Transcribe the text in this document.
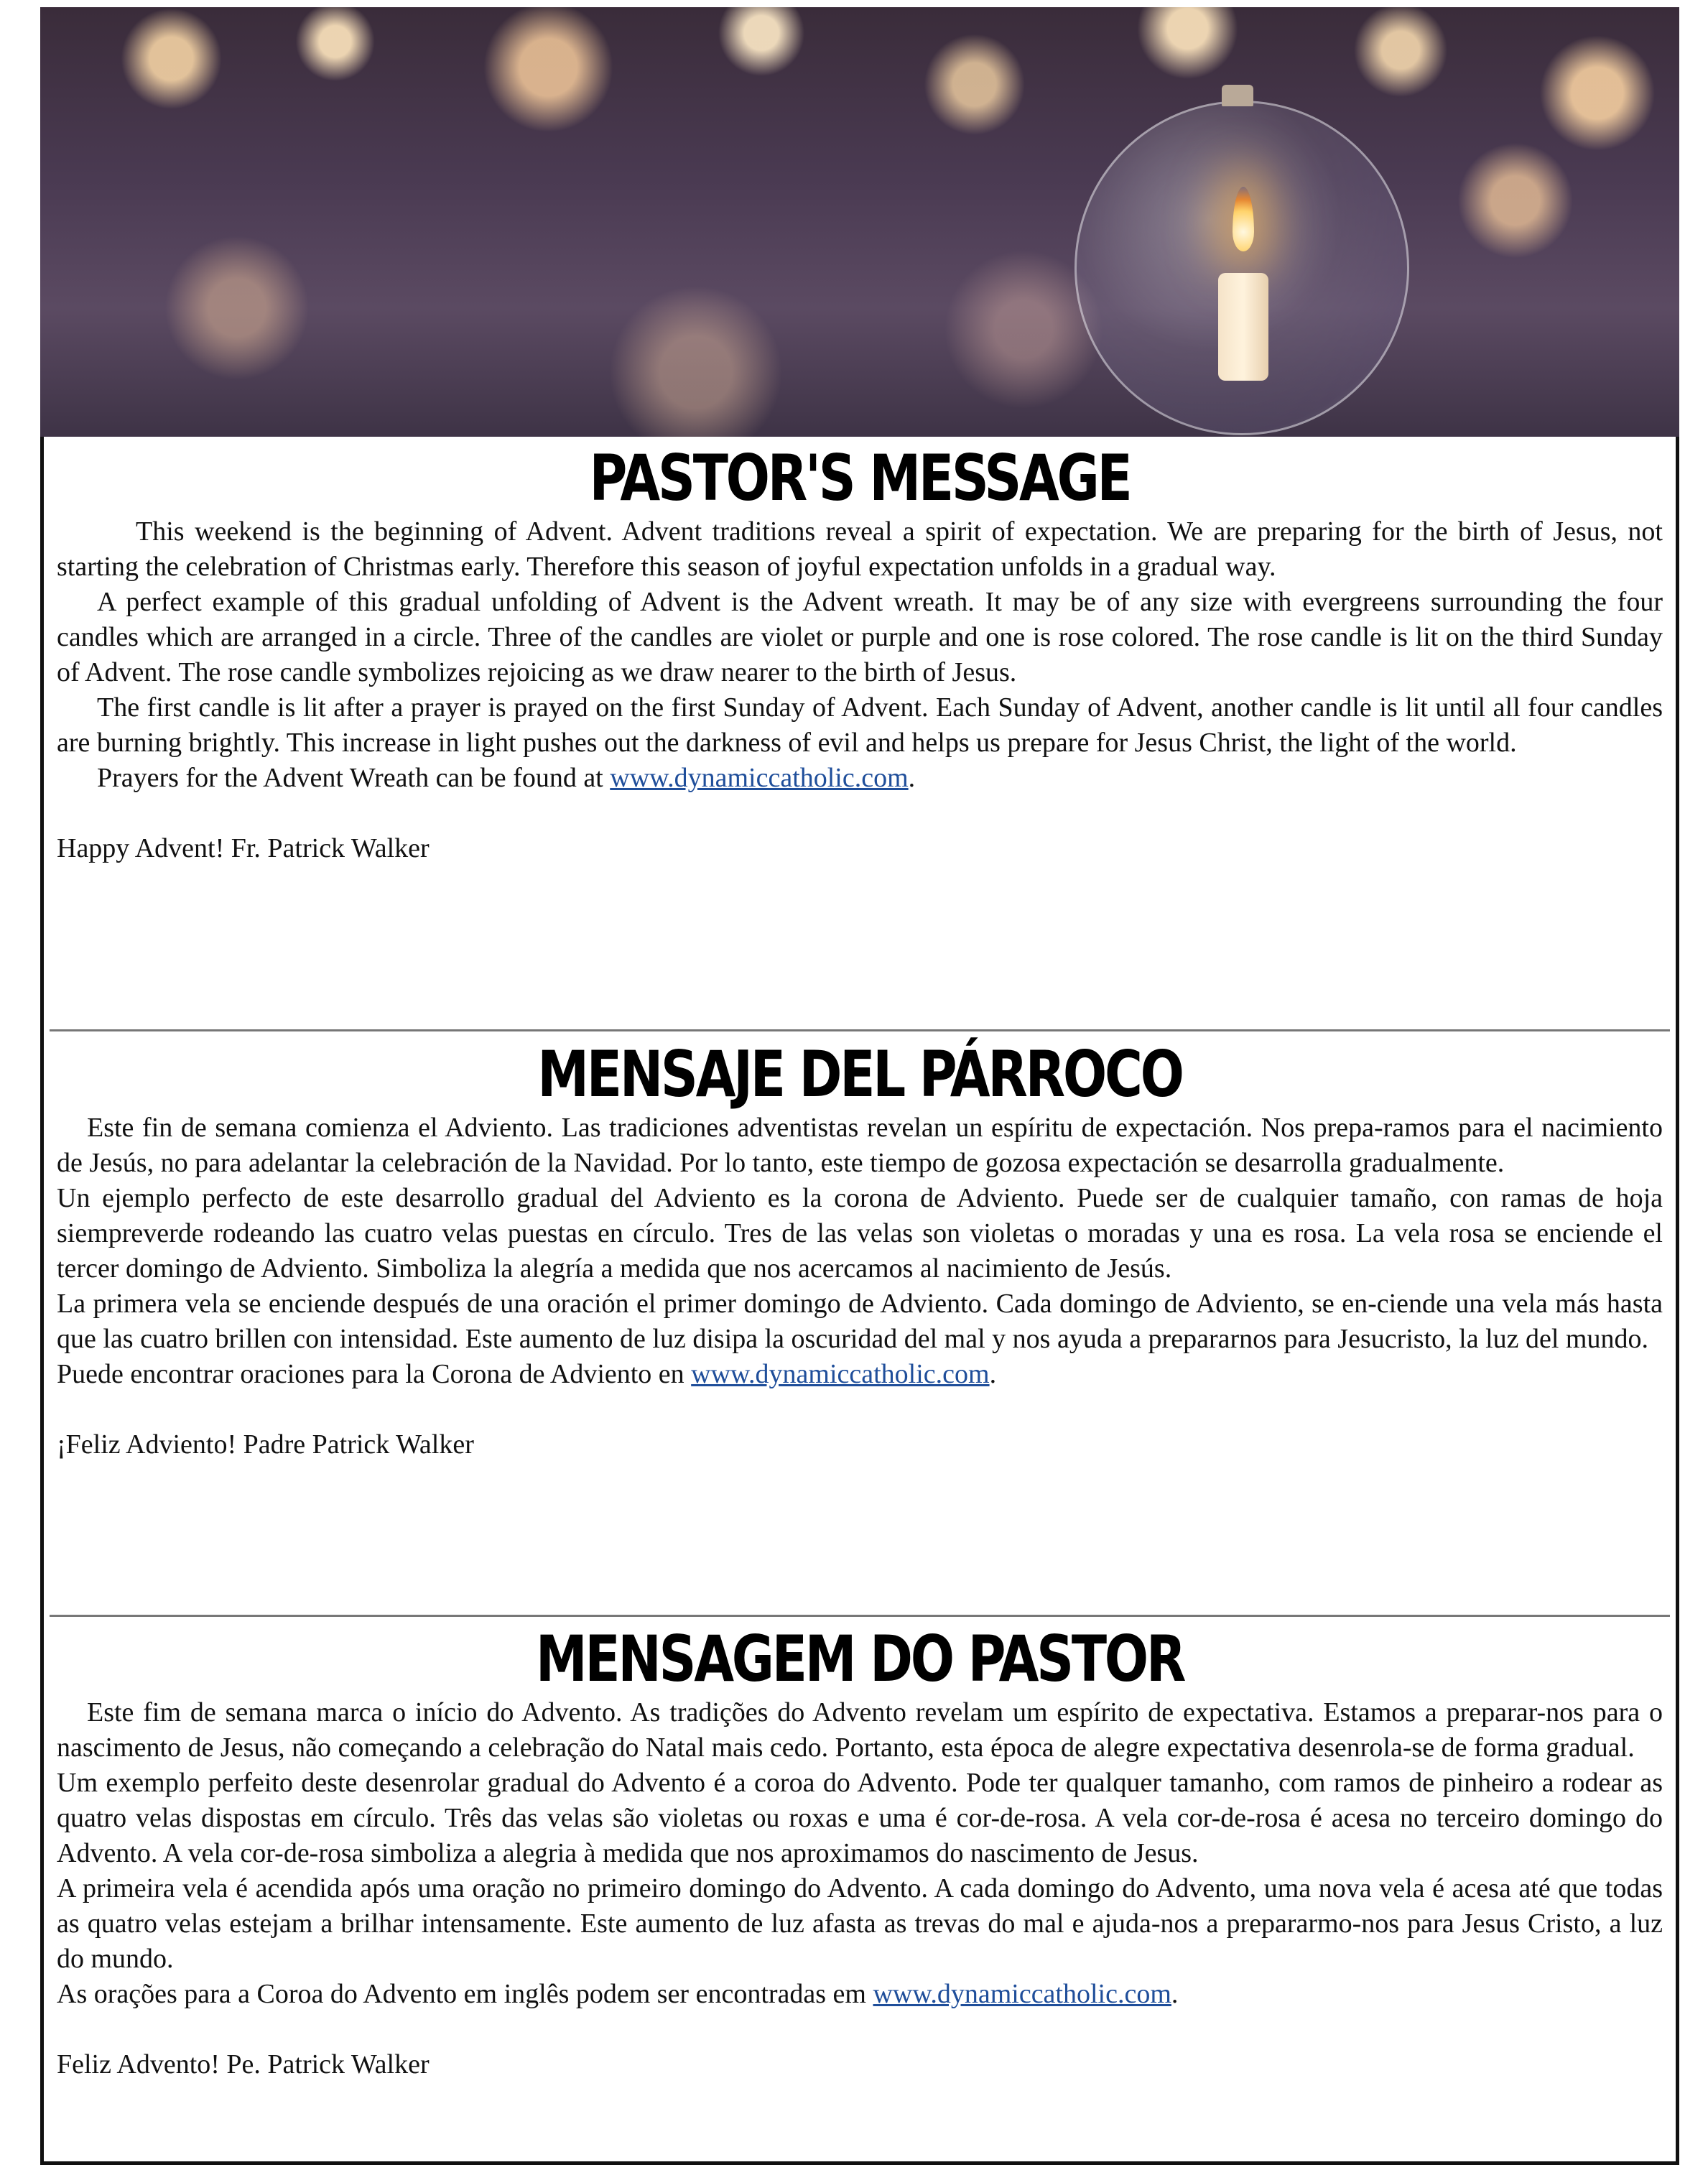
PASTOR'S MESSAGE

This weekend is the beginning of Advent. Advent traditions reveal a spirit of expectation. We are preparing for the birth of Jesus, not starting the celebration of Christmas early. Therefore this season of joyful expectation unfolds in a gradual way.

A perfect example of this gradual unfolding of Advent is the Advent wreath. It may be of any size with evergreens surrounding the four candles which are arranged in a circle. Three of the candles are violet or purple and one is rose colored. The rose candle is lit on the third Sunday of Advent. The rose candle symbolizes rejoicing as we draw nearer to the birth of Jesus.

The first candle is lit after a prayer is prayed on the first Sunday of Advent. Each Sunday of Advent, another candle is lit until all four candles are burning brightly. This increase in light pushes out the darkness of evil and helps us prepare for Jesus Christ, the light of the world.

Prayers for the Advent Wreath can be found at www.dynamiccatholic.com.

Happy Advent! Fr. Patrick Walker

MENSAJE DEL PÁRROCO

Este fin de semana comienza el Adviento. Las tradiciones adventistas revelan un espíritu de expectación. Nos prepa-ramos para el nacimiento de Jesús, no para adelantar la celebración de la Navidad. Por lo tanto, este tiempo de gozosa expectación se desarrolla gradualmente.

Un ejemplo perfecto de este desarrollo gradual del Adviento es la corona de Adviento. Puede ser de cualquier tamaño, con ramas de hoja siempreverde rodeando las cuatro velas puestas en círculo. Tres de las velas son violetas o moradas y una es rosa. La vela rosa se enciende el tercer domingo de Adviento. Simboliza la alegría a medida que nos acercamos al nacimiento de Jesús.

La primera vela se enciende después de una oración el primer domingo de Adviento. Cada domingo de Adviento, se en-ciende una vela más hasta que las cuatro brillen con intensidad. Este aumento de luz disipa la oscuridad del mal y nos ayuda a prepararnos para Jesucristo, la luz del mundo.

Puede encontrar oraciones para la Corona de Adviento en www.dynamiccatholic.com.

¡Feliz Adviento! Padre Patrick Walker

MENSAGEM DO PASTOR

Este fim de semana marca o início do Advento. As tradições do Advento revelam um espírito de expectativa. Estamos a preparar-nos para o nascimento de Jesus, não começando a celebração do Natal mais cedo. Portanto, esta época de alegre expectativa desenrola-se de forma gradual.

Um exemplo perfeito deste desenrolar gradual do Advento é a coroa do Advento. Pode ter qualquer tamanho, com ramos de pinheiro a rodear as quatro velas dispostas em círculo. Três das velas são violetas ou roxas e uma é cor-de-rosa. A vela cor-de-rosa é acesa no terceiro domingo do Advento. A vela cor-de-rosa simboliza a alegria à medida que nos aproximamos do nascimento de Jesus.

A primeira vela é acendida após uma oração no primeiro domingo do Advento. A cada domingo do Advento, uma nova vela é acesa até que todas as quatro velas estejam a brilhar intensamente. Este aumento de luz afasta as trevas do mal e ajuda-nos a prepararmo-nos para Jesus Cristo, a luz do mundo.

As orações para a Coroa do Advento em inglês podem ser encontradas em www.dynamiccatholic.com.

Feliz Advento! Pe. Patrick Walker
